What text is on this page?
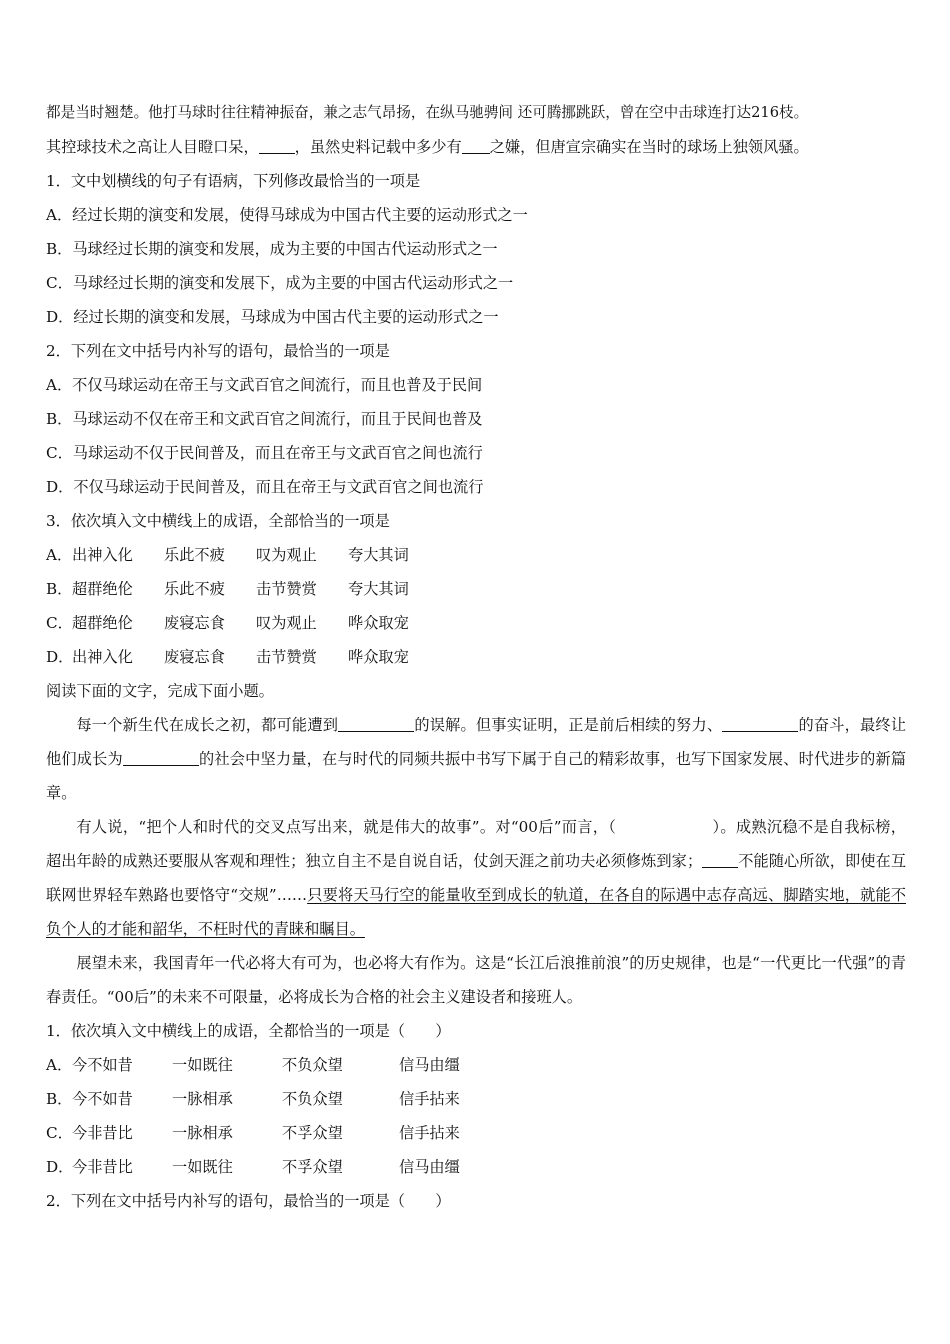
都是当时翘楚。他打马球时往往精神振奋，兼之志气昂扬，在纵马驰骋间 还可腾挪跳跃，曾在空中击球连打达216枝。
其控球技术之高让人目瞪口呆， ，虽然史料记载中多少有 之嫌，但唐宣宗确实在当时的球场上独领风骚。
1．文中划横线的句子有语病，下列修改最恰当的一项是
A．经过长期的演变和发展，使得马球成为中国古代主要的运动形式之一
B．马球经过长期的演变和发展，成为主要的中国古代运动形式之一
C．马球经过长期的演变和发展下，成为主要的中国古代运动形式之一
D．经过长期的演变和发展，马球成为中国古代主要的运动形式之一
2．下列在文中括号内补写的语句，最恰当的一项是
A．不仅马球运动在帝王与文武百官之间流行，而且也普及于民间
B．马球运动不仅在帝王和文武百官之间流行，而且于民间也普及
C．马球运动不仅于民间普及，而且在帝王与文武百官之间也流行
D．不仅马球运动于民间普及，而且在帝王与文武百官之间也流行
3．依次填入文中横线上的成语，全部恰当的一项是
A．出神入化 乐此不疲 叹为观止 夸大其词
B．超群绝伦 乐此不疲 击节赞赏 夸大其词
C．超群绝伦 废寝忘食 叹为观止 哗众取宠
D．出神入化 废寝忘食 击节赞赏 哗众取宠
阅读下面的文字，完成下面小题。
每一个新生代在成长之初，都可能遭到	的误解。但事实证明，正是前后相续的努力、	的奋斗，最终让他们成长为	的社会中坚力量，在与时代的同频共振中书写下属于自己的精彩故事，也写下国家发展、时代进步的新篇章。
有人说，“把个人和时代的交叉点写出来，就是伟大的故事”。对“00后”而言，（	）。成熟沉稳不是自我标榜，超出年龄的成熟还要服从客观和理性；独立自主不是自说自话，仗剑天涯之前功夫必须修炼到家； 不能随心所欲，即使在互联网世界轻车熟路也要恪守“交规”……只要将天马行空的能量收至到成长的轨道，在各自的际遇中志存高远、脚踏实地，就能不负个人的才能和韶华，不枉时代的青睐和瞩目。
展望未来，我国青年一代必将大有可为，也必将大有作为。这是“长江后浪推前浪”的历史规律，也是“一代更比一代强”的青春责任。“00后”的未来不可限量，必将成长为合格的社会主义建设者和接班人。
1．依次填入文中横线上的成语，全都恰当的一项是（　　）
A．今不如昔	一如既往	不负众望	信马由缰
B．今不如昔	一脉相承	不负众望	信手拈来
C．今非昔比	一脉相承	不孚众望	信手拈来
D．今非昔比	一如既往	不孚众望	信马由缰
2．下列在文中括号内补写的语句，最恰当的一项是（　　）
